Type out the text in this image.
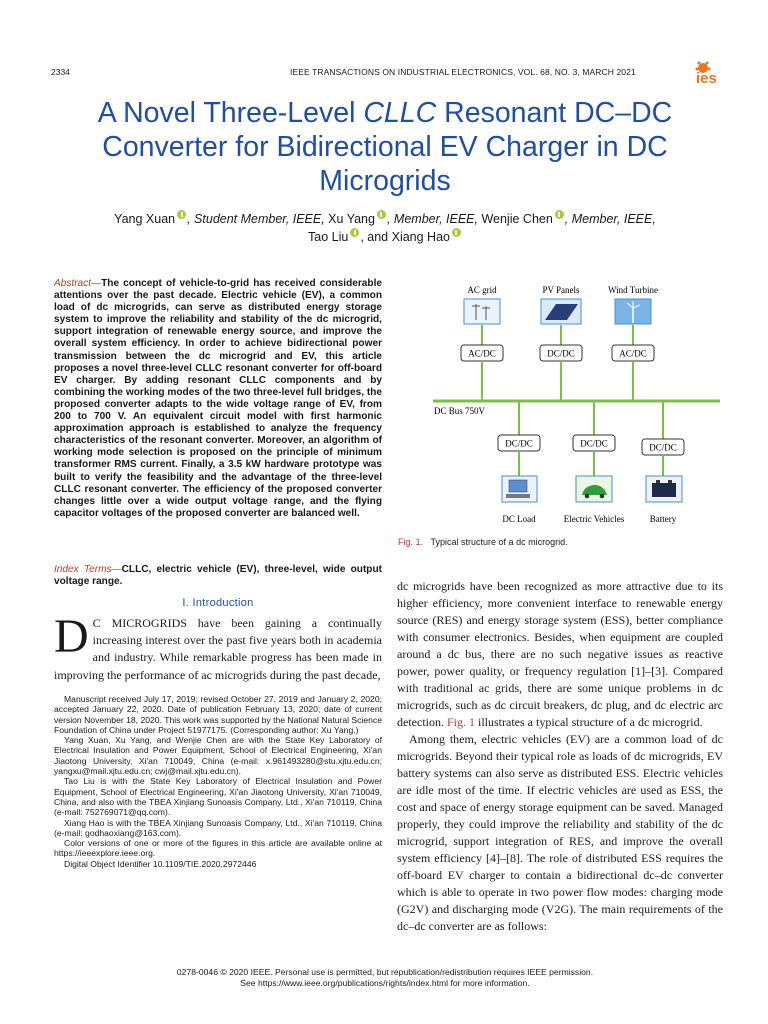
2334	IEEE TRANSACTIONS ON INDUSTRIAL ELECTRONICS, VOL. 68, NO. 3, MARCH 2021	ies
A Novel Three-Level CLLC Resonant DC–DC Converter for Bidirectional EV Charger in DC Microgrids
Yang Xuan , Student Member, IEEE, Xu Yang , Member, IEEE, Wenjie Chen , Member, IEEE,
Tao Liu , and Xiang Hao
Abstract—The concept of vehicle-to-grid has received considerable attentions over the past decade. Electric vehicle (EV), a common load of dc microgrids, can serve as distributed energy storage system to improve the reliability and stability of the dc microgrid, support integration of renewable energy source, and improve the overall system efficiency. In order to achieve bidirectional power transmission between the dc microgrid and EV, this article proposes a novel three-level CLLC resonant converter for off-board EV charger. By adding resonant CLLC components and by combining the working modes of the two three-level full bridges, the proposed converter adapts to the wide voltage range of EV, from 200 to 700 V. An equivalent circuit model with first harmonic approximation approach is established to analyze the frequency characteristics of the resonant converter. Moreover, an algorithm of working mode selection is proposed on the principle of minimum transformer RMS current. Finally, a 3.5 kW hardware prototype was built to verify the feasibility and the advantage of the three-level CLLC resonant converter. The efficiency of the proposed converter changes little over a wide output voltage range, and the flying capacitor voltages of the proposed converter are balanced well.
Index Terms—CLLC, electric vehicle (EV), three-level, wide output voltage range.
I. Introduction
D C MICROGRIDS have been gaining a continually increasing interest over the past five years both in academia and industry. While remarkable progress has been made in improving the performance of ac microgrids during the past decade,

Manuscript received July 17, 2019; revised October 27, 2019 and January 2, 2020; accepted January 22, 2020. Date of publication February 13, 2020; date of current version November 18, 2020. This work was supported by the National Natural Science Foundation of China under Project 51977175. (Corresponding author: Xu Yang.)

Yang Xuan, Xu Yang, and Wenjie Chen are with the State Key Laboratory of Electrical Insulation and Power Equipment, School of Electrical Engineering, Xi'an Jiaotong University, Xi'an 710049, China (e-mail: x.961493280@stu.xjtu.edu.cn; yangxu@mail.xjtu.edu.cn; cwj@mail.xjtu.edu.cn).

Tao Liu is with the State Key Laboratory of Electrical Insulation and Power Equipment, School of Electrical Engineering, Xi'an Jiaotong University, Xi'an 710049, China, and also with the TBEA Xinjiang Sunoasis Company, Ltd., Xi'an 710119, China (e-mail: 752769071@qq.com).

Xiang Hao is with the TBEA Xinjiang Sunoasis Company, Ltd., Xi'an 710119, China (e-mail: godhaoxiang@163.com).

Color versions of one or more of the figures in this article are available online at https://ieeexplore.ieee.org.

Digital Object Identifier 10.1109/TIE.2020.2972446

AC grid	PV Panels	Wind Turbine
AC/DC	DC/DC	AC/DC
DC Bus 750V
DC/DC	DC/DC	DC/DC
DC Load	Electric Vehicles	Battery
Fig. 1. Typical structure of a dc microgrid.

dc microgrids have been recognized as more attractive due to its higher efficiency, more convenient interface to renewable energy source (RES) and energy storage system (ESS), better compliance with consumer electronics. Besides, when equipment are coupled around a dc bus, there are no such negative issues as reactive power, power quality, or frequency regulation [1]–[3]. Compared with traditional ac grids, there are some unique problems in dc microgrids, such as dc circuit breakers, dc plug, and dc electric arc detection. Fig. 1 illustrates a typical structure of a dc microgrid.

Among them, electric vehicles (EV) are a common load of dc microgrids. Beyond their typical role as loads of dc microgrids, EV battery systems can also serve as distributed ESS. Electric vehicles are idle most of the time. If electric vehicles are used as ESS, the cost and space of energy storage equipment can be saved. Managed properly, they could improve the reliability and stability of the dc microgrid, support integration of RES, and improve the overall system efficiency [4]–[8]. The role of distributed ESS requires the off-board EV charger to contain a bidirectional dc–dc converter which is able to operate in two power flow modes: charging mode (G2V) and discharging mode (V2G). The main requirements of the dc–dc converter are as follows:

0278-0046 © 2020 IEEE. Personal use is permitted, but republication/redistribution requires IEEE permission.
See https://www.ieee.org/publications/rights/index.html for more information.
